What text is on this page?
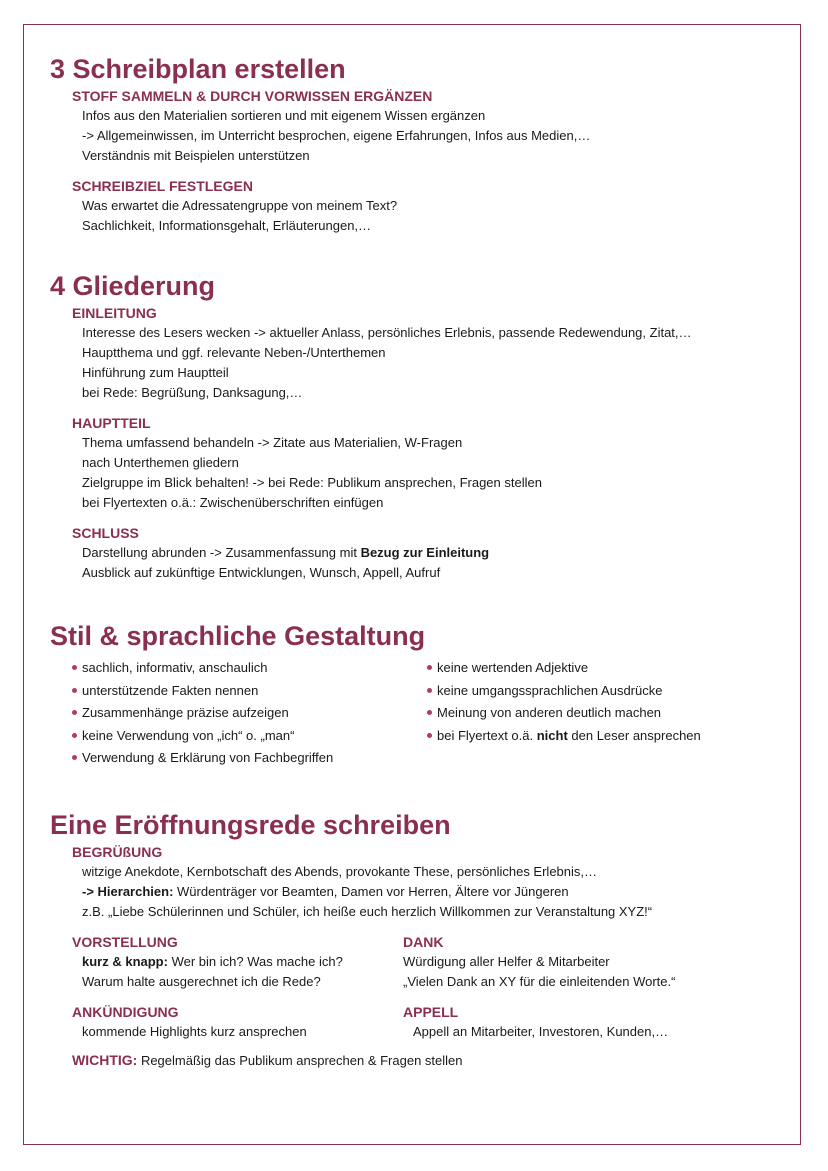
3 Schreibplan erstellen
STOFF SAMMELN & DURCH VORWISSEN ERGÄNZEN
Infos aus den Materialien sortieren und mit eigenem Wissen ergänzen
-> Allgemeinwissen, im Unterricht besprochen, eigene Erfahrungen, Infos aus Medien,…
Verständnis mit Beispielen unterstützen
SCHREIBZIEL FESTLEGEN
Was erwartet die Adressatengruppe von meinem Text?
Sachlichkeit, Informationsgehalt, Erläuterungen,…
4 Gliederung
EINLEITUNG
Interesse des Lesers wecken -> aktueller Anlass, persönliches Erlebnis, passende Redewendung, Zitat,…
Hauptthema und ggf. relevante Neben-/Unterthemen
Hinführung zum Hauptteil
bei Rede: Begrüßung, Danksagung,…
HAUPTTEIL
Thema umfassend behandeln -> Zitate aus Materialien, W-Fragen
nach Unterthemen gliedern
Zielgruppe im Blick behalten! -> bei Rede: Publikum ansprechen, Fragen stellen
bei Flyertexten o.ä.: Zwischenüberschriften einfügen
SCHLUSS
Darstellung abrunden -> Zusammenfassung mit Bezug zur Einleitung
Ausblick auf zukünftige Entwicklungen, Wunsch, Appell, Aufruf
Stil & sprachliche Gestaltung
sachlich, informativ, anschaulich
unterstützende Fakten nennen
Zusammenhänge präzise aufzeigen
keine Verwendung von „ich“ o. „man“
Verwendung & Erklärung von Fachbegriffen
keine wertenden Adjektive
keine umgangssprachlichen Ausdrücke
Meinung von anderen deutlich machen
bei Flyertext o.ä. nicht den Leser ansprechen
Eine Eröffnungsrede schreiben
BEGRÜßUNG
witzige Anekdote, Kernbotschaft des Abends, provokante These, persönliches Erlebnis,…
-> Hierarchien: Würdenträger vor Beamten, Damen vor Herren, Ältere vor Jüngeren
z.B. „Liebe Schülerinnen und Schüler, ich heiße euch herzlich Willkommen zur Veranstaltung XYZ!“
VORSTELLUNG
kurz & knapp: Wer bin ich? Was mache ich?
Warum halte ausgerechnet ich die Rede?
DANK
Würdigung aller Helfer & Mitarbeiter
„Vielen Dank an XY für die einleitenden Worte.“
ANKÜNDIGUNG
kommende Highlights kurz ansprechen
APPELL
Appell an Mitarbeiter, Investoren, Kunden,…
WICHTIG: Regelmäßig das Publikum ansprechen & Fragen stellen
